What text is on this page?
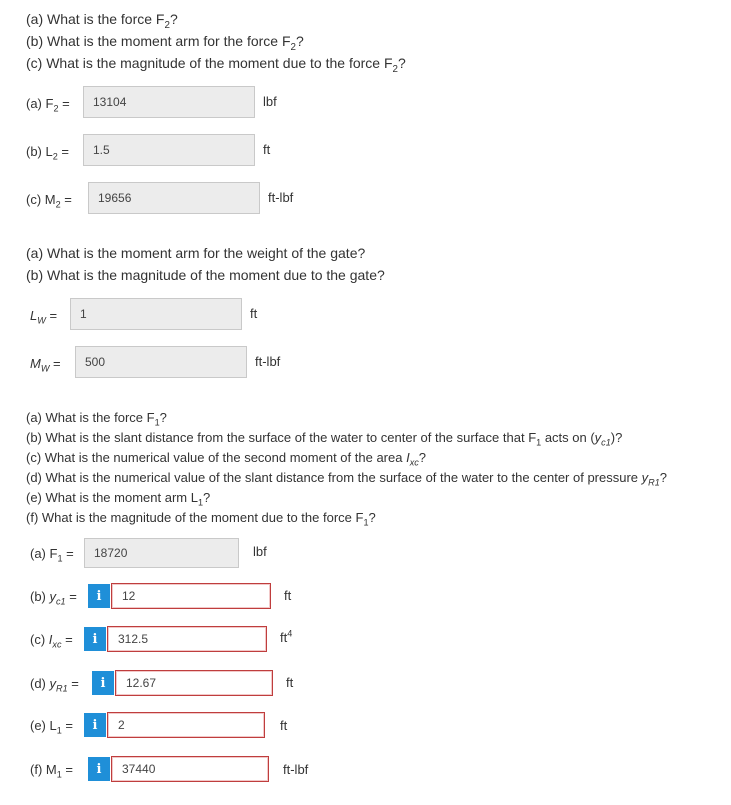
(a) What is the force $F_2$?
(b) What is the moment arm for the force $F_2$?
(c) What is the magnitude of the moment due to the force $F_2$?
(a) $F_2 = 13104$	lbf
(b) $L_2 = 1.5$	ft
(c) $M_2 = 19656$	ft-lbf
(a) What is the moment arm for the weight of the gate?
(b) What is the magnitude of the moment due to the gate?
$L_W = 1$	ft
$M_W = 500$	ft-lbf
(a) What is the force $F_1$?
(b) What is the slant distance from the surface of the water to center of the surface that $F_1$ acts on $(y_{c1})$?
(c) What is the numerical value of the second moment of the area $I_{xc}$?
(d) What is the numerical value of the slant distance from the surface of the water to the center of pressure $y_{R1}$?
(e) What is the moment arm $L_1$?
(f) What is the magnitude of the moment due to the force $F_1$?
(a) $F_1 = 18720$	lbf
(b) $y_{c1}$ =	i	12	ft
(c) $I_{xc}$ =	i	312.5	$ft^4$
(d) $y_{R1}$ =	i	12.67	ft
(e) $L_1$ =	i	2	ft
(f) $M_1$ =	i	37440	ft-lbf
